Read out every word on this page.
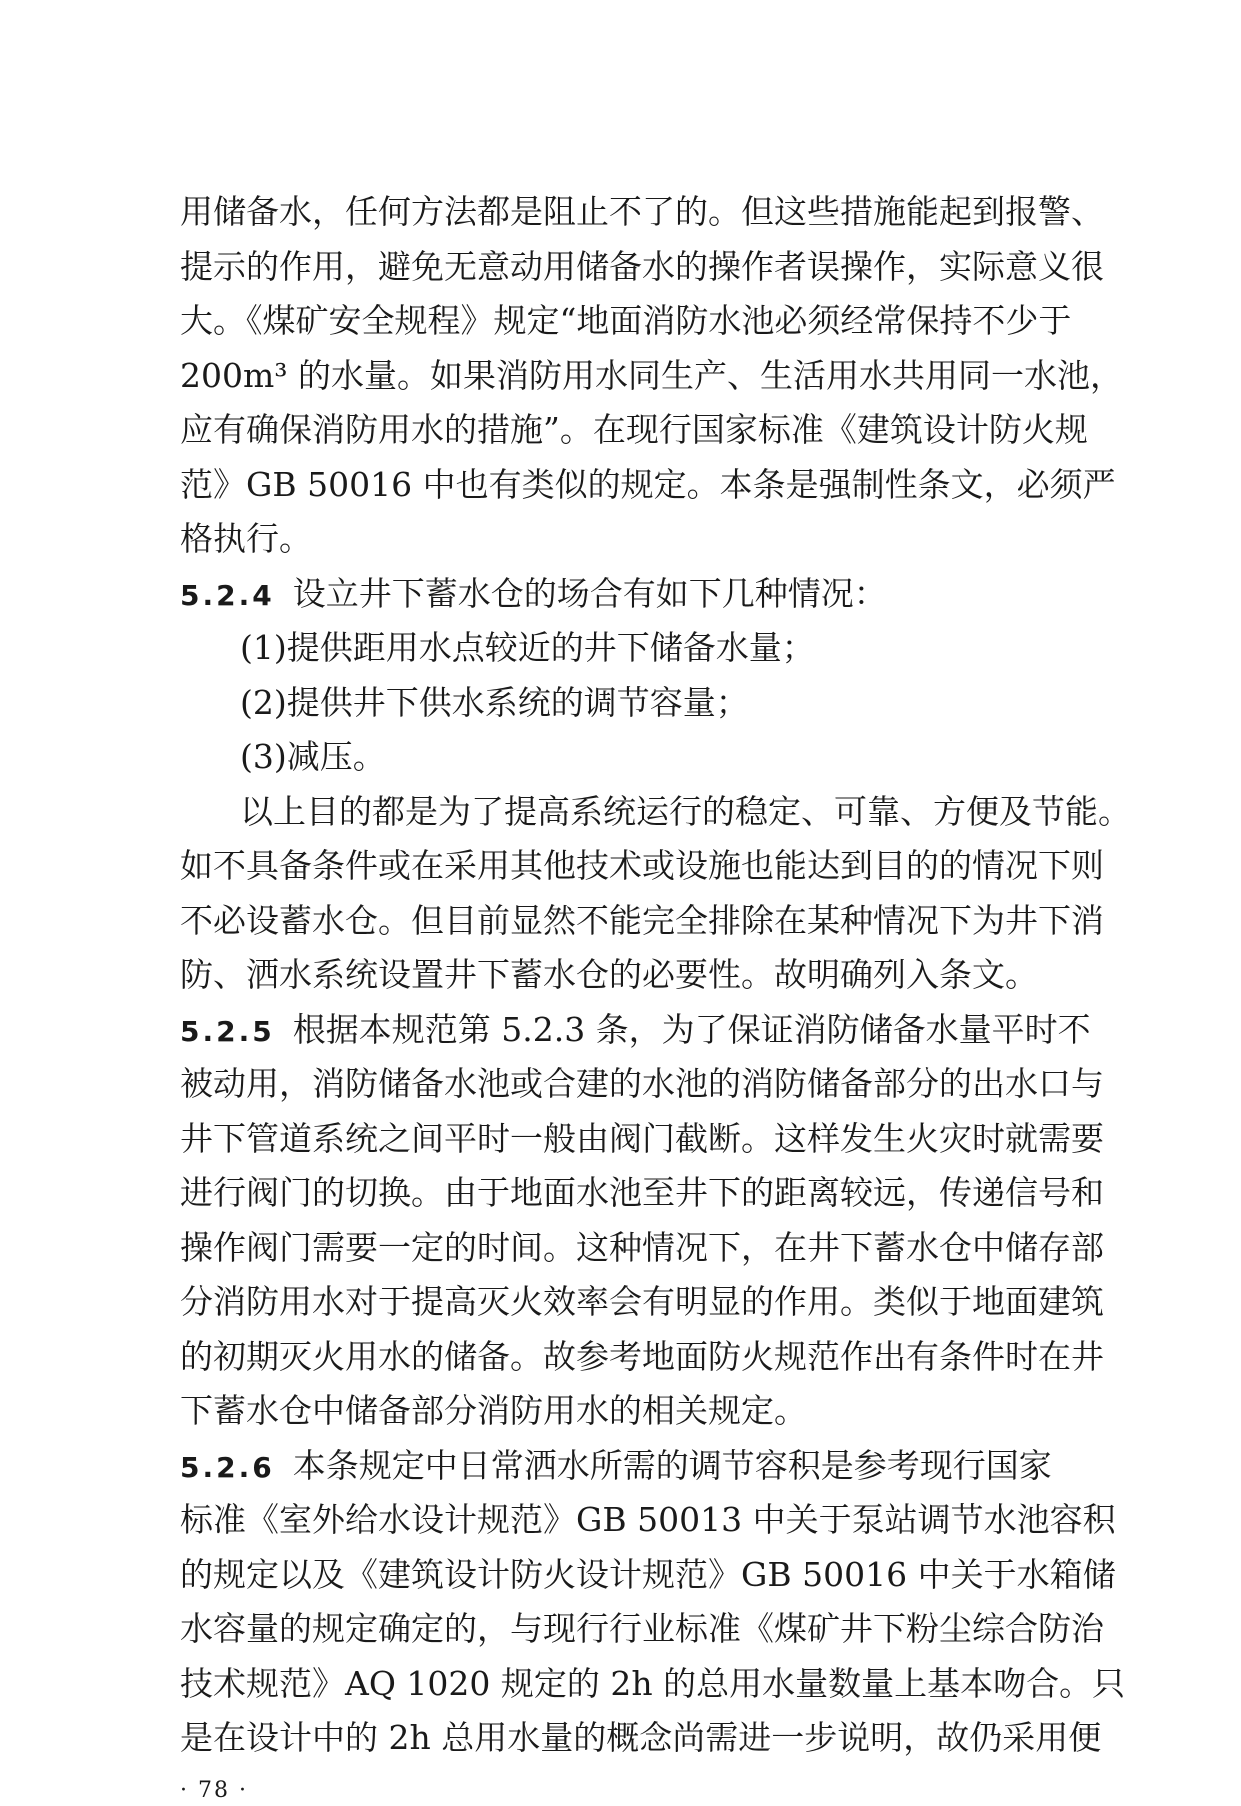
用储备水，任何方法都是阻止不了的。但这些措施能起到报警、
提示的作用，避免无意动用储备水的操作者误操作，实际意义很
大。《煤矿安全规程》规定“地面消防水池必须经常保持不少于
200m³ 的水量。如果消防用水同生产、生活用水共用同一水池，
应有确保消防用水的措施”。在现行国家标准《建筑设计防火规
范》GB 50016 中也有类似的规定。本条是强制性条文，必须严
格执行。
5.2.4 设立井下蓄水仓的场合有如下几种情况：
(1)提供距用水点较近的井下储备水量；
(2)提供井下供水系统的调节容量；
(3)减压。
以上目的都是为了提高系统运行的稳定、可靠、方便及节能。
如不具备条件或在采用其他技术或设施也能达到目的的情况下则
不必设蓄水仓。但目前显然不能完全排除在某种情况下为井下消
防、洒水系统设置井下蓄水仓的必要性。故明确列入条文。
5.2.5 根据本规范第 5.2.3 条，为了保证消防储备水量平时不
被动用，消防储备水池或合建的水池的消防储备部分的出水口与
井下管道系统之间平时一般由阀门截断。这样发生火灾时就需要
进行阀门的切换。由于地面水池至井下的距离较远，传递信号和
操作阀门需要一定的时间。这种情况下，在井下蓄水仓中储存部
分消防用水对于提高灭火效率会有明显的作用。类似于地面建筑
的初期灭火用水的储备。故参考地面防火规范作出有条件时在井
下蓄水仓中储备部分消防用水的相关规定。
5.2.6 本条规定中日常洒水所需的调节容积是参考现行国家
标准《室外给水设计规范》GB 50013 中关于泵站调节水池容积
的规定以及《建筑设计防火设计规范》GB 50016 中关于水箱储
水容量的规定确定的，与现行行业标准《煤矿井下粉尘综合防治
技术规范》AQ 1020 规定的 2h 的总用水量数量上基本吻合。只
是在设计中的 2h 总用水量的概念尚需进一步说明，故仍采用便
· 78 ·
